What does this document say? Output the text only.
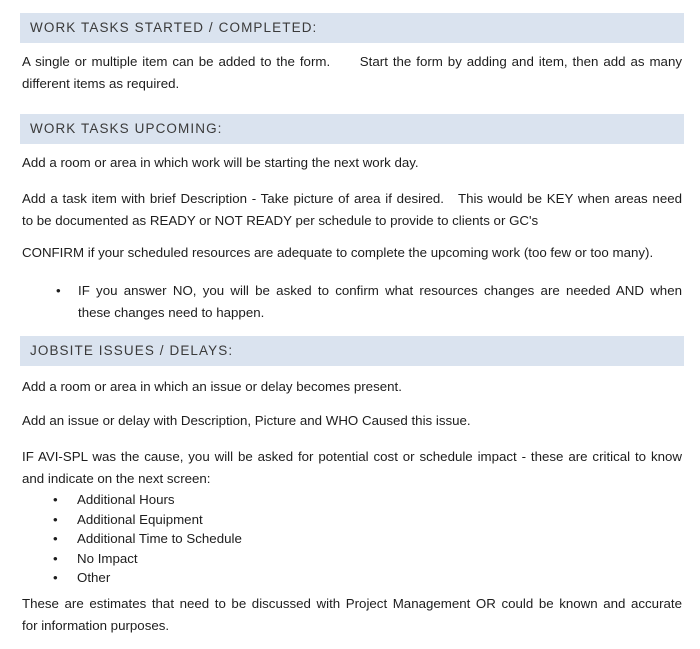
WORK TASKS STARTED / COMPLETED:
A single or multiple item can be added to the form.      Start the form by adding and item, then add as many
different items as required.
WORK TASKS UPCOMING:
Add a room or area in which work will be starting the next work day.
Add a task item with brief Description - Take picture of area if desired.   This would be KEY when areas need
to be documented as READY or NOT READY per schedule to provide to clients or GC's
CONFIRM if your scheduled resources are adequate to complete the upcoming work (too few or too many).
• IF you answer NO, you will be asked to confirm what resources changes are needed AND when
these changes need to happen.
JOBSITE ISSUES / DELAYS:
Add a room or area in which an issue or delay becomes present.
Add an issue or delay with Description, Picture and WHO Caused this issue.
IF AVI-SPL was the cause, you will be asked for potential cost or schedule impact - these are critical to know
and indicate on the next screen:
• Additional Hours
• Additional Equipment
• Additional Time to Schedule
• No Impact
• Other
These are estimates that need to be discussed with Project Management OR could be known and accurate
for information purposes.
